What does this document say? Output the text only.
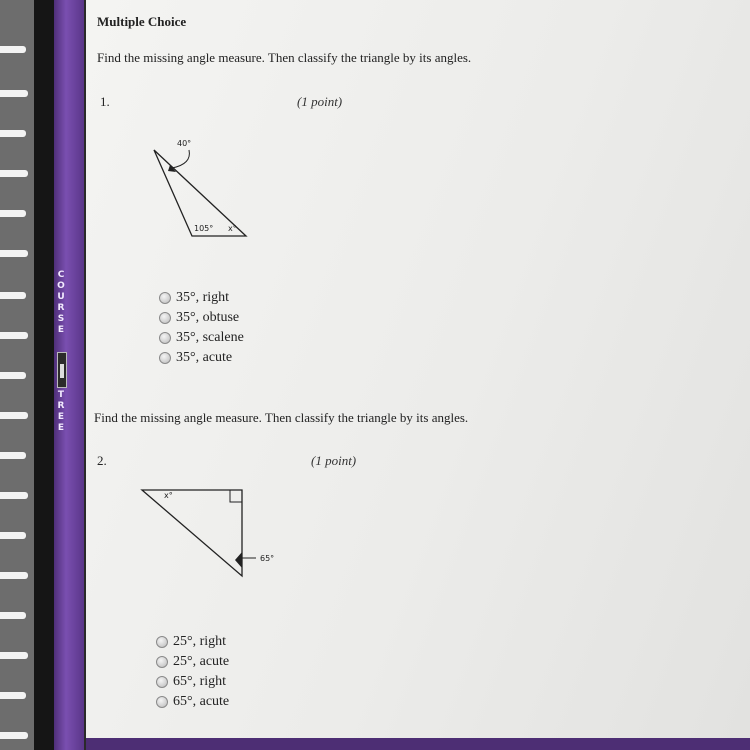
C
O
U
R
S
E
T
R
E
E
Multiple Choice
Find the missing angle measure. Then classify the triangle by its angles.
1.	(1 point)
40°
105° x°
35°, right
35°, obtuse
35°, scalene
35°, acute
Find the missing angle measure. Then classify the triangle by its angles.
2.	(1 point)
x°
65°
25°, right
25°, acute
65°, right
65°, acute
